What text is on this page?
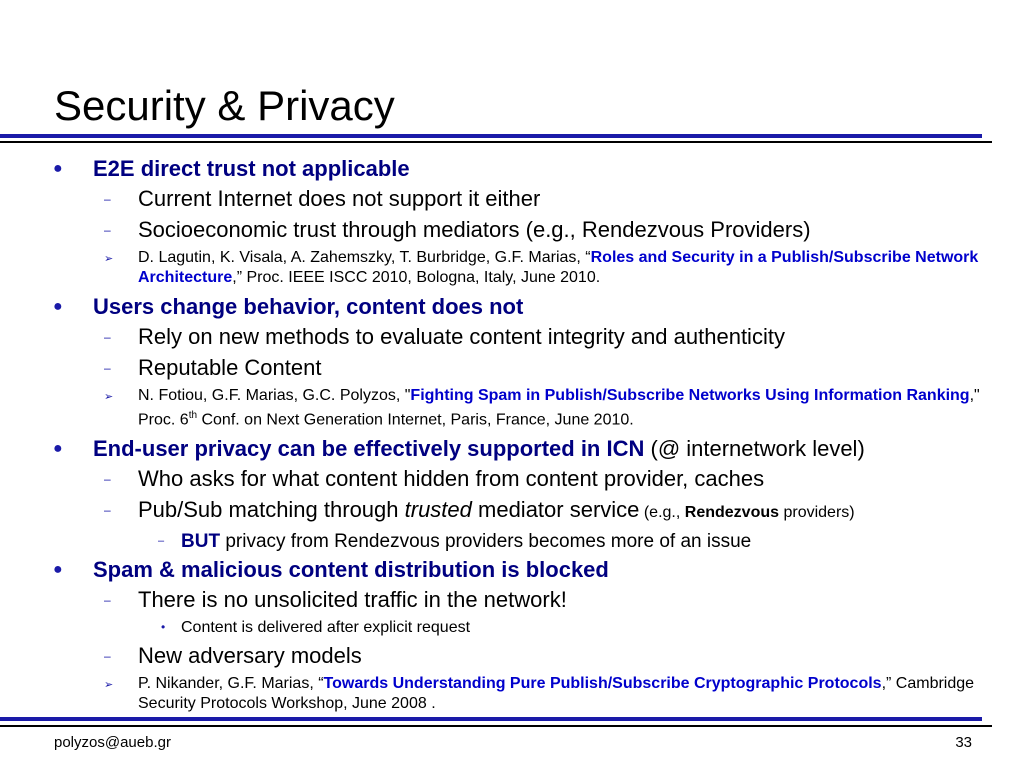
Security & Privacy
● E2E direct trust not applicable
– Current Internet does not support it either
– Socioeconomic trust through mediators (e.g., Rendezvous Providers)
➢ D. Lagutin, K. Visala, A. Zahemszky, T. Burbridge, G.F. Marias, “Roles and Security in a Publish/Subscribe Network Architecture,” Proc. IEEE ISCC 2010, Bologna, Italy, June 2010.
● Users change behavior, content does not
– Rely on new methods to evaluate content integrity and authenticity
– Reputable Content
➢ N. Fotiou, G.F. Marias, G.C. Polyzos, "Fighting Spam in Publish/Subscribe Networks Using Information Ranking," Proc. 6th Conf. on Next Generation Internet, Paris, France, June 2010.
● End-user privacy can be effectively supported in ICN (@ internetwork level)
– Who asks for what content hidden from content provider, caches
– Pub/Sub matching through trusted mediator service (e.g., Rendezvous providers)
– BUT privacy from Rendezvous providers becomes more of an issue
● Spam & malicious content distribution is blocked
– There is no unsolicited traffic in the network!
• Content is delivered after explicit request
– New adversary models
➢ P. Nikander, G.F. Marias, “Towards Understanding Pure Publish/Subscribe Cryptographic Protocols,” Cambridge Security Protocols Workshop, June 2008 .
polyzos@aueb.gr	33
